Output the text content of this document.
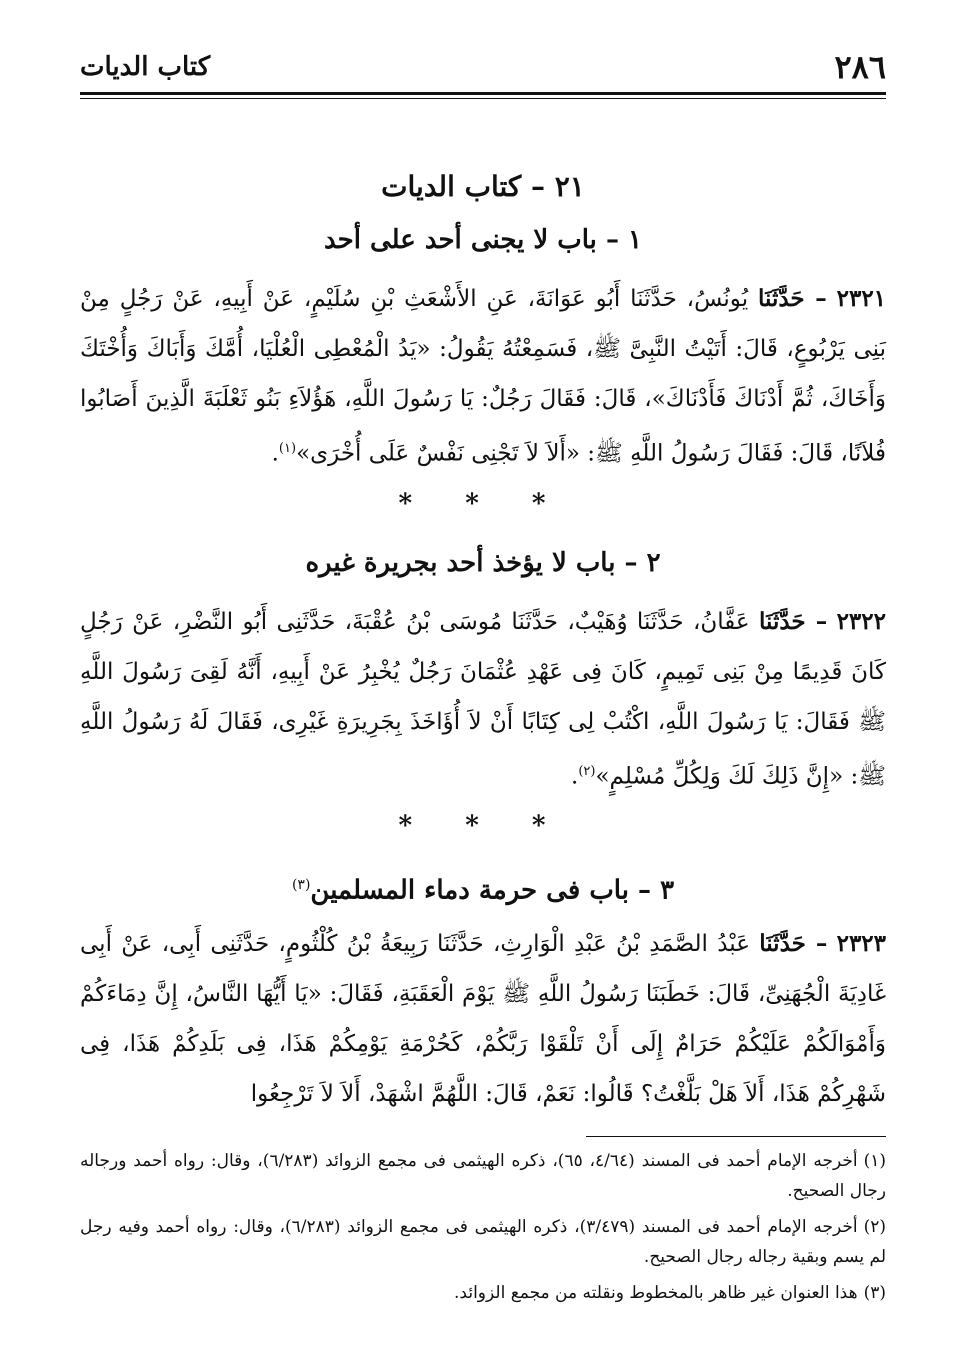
٢٨٦
كتاب الديات
٢١ – كتاب الديات
١ – باب لا يجنى أحد على أحد

٢٣٢١ – حَدَّثَنَا يُونُسُ، حَدَّثَنَا أَبُو عَوَانَةَ، عَنِ الأَشْعَثِ بْنِ سُلَيْمٍ، عَنْ أَبِيهِ، عَنْ رَجُلٍ مِنْ بَنِى يَرْبُوعٍ، قَالَ: أَتَيْتُ النَّبِىَّ ﷺ، فَسَمِعْتُهُ يَقُولُ: «يَدُ الْمُعْطِى الْعُلْيَا، أُمَّكَ وَأَبَاكَ وَأُخْتَكَ وَأَخَاكَ، ثُمَّ أَدْنَاكَ فَأَدْنَاكَ»، قَالَ: فَقَالَ رَجُلٌ: يَا رَسُولَ اللَّهِ، هَؤُلاَءِ بَنُو ثَعْلَبَةَ الَّذِينَ أَصَابُوا فُلاَنًا، قَالَ: فَقَالَ رَسُولُ اللَّهِ ﷺ: «أَلاَ لاَ تَجْنِى نَفْسٌ عَلَى أُخْرَى»$^{(١)}$.

* * *
٢ – باب لا يؤخذ أحد بجريرة غيره

٢٣٢٢ – حَدَّثَنَا عَفَّانُ، حَدَّثَنَا وُهَيْبٌ، حَدَّثَنَا مُوسَى بْنُ عُقْبَةَ، حَدَّثَنِى أَبُو النَّضْرِ، عَنْ رَجُلٍ كَانَ قَدِيمًا مِنْ بَنِى تَمِيمٍ، كَانَ فِى عَهْدِ عُثْمَانَ رَجُلٌ يُخْبِرُ عَنْ أَبِيهِ، أَنَّهُ لَقِىَ رَسُولَ اللَّهِ ﷺ فَقَالَ: يَا رَسُولَ اللَّهِ، اكْتُبْ لِى كِتَابًا أَنْ لاَ أُؤَاخَذَ بِجَرِيرَةِ غَيْرِى، فَقَالَ لَهُ رَسُولُ اللَّهِ ﷺ: «إِنَّ ذَلِكَ لَكَ وَلِكُلِّ مُسْلِمٍ»$^{(٢)}$.

* * *
٣ – باب فى حرمة دماء المسلمين$^{(٣)}$

٢٣٢٣ – حَدَّثَنَا عَبْدُ الصَّمَدِ بْنُ عَبْدِ الْوَارِثِ، حَدَّثَنَا رَبِيعَةُ بْنُ كُلْثُومٍ، حَدَّثَنِى أَبِى، عَنْ أَبِى غَادِيَةَ الْجُهَنِىِّ، قَالَ: خَطَبَنَا رَسُولُ اللَّهِ ﷺ يَوْمَ الْعَقَبَةِ، فَقَالَ: «يَا أَيُّهَا النَّاسُ، إِنَّ دِمَاءَكُمْ وَأَمْوَالَكُمْ عَلَيْكُمْ حَرَامٌ إِلَى أَنْ تَلْقَوْا رَبَّكُمْ، كَحُرْمَةِ يَوْمِكُمْ هَذَا، فِى بَلَدِكُمْ هَذَا، فِى شَهْرِكُمْ هَذَا، أَلاَ هَلْ بَلَّغْتُ؟ قَالُوا: نَعَمْ، قَالَ: اللَّهُمَّ اشْهَدْ، أَلاَ لاَ تَرْجِعُوا

(١)أخرجه الإمام أحمد فى المسند (٤/٦٤، ٦٥)، ذكره الهيثمى فى مجمع الزوائد (٦/٢٨٣)، وقال: رواه أحمد ورجاله رجال الصحيح.

(٢)أخرجه الإمام أحمد فى المسند (٣/٤٧٩)، ذكره الهيثمى فى مجمع الزوائد (٦/٢٨٣)، وقال: رواه أحمد وفيه رجل لم يسم وبقية رجاله رجال الصحيح.

(٣)هذا العنوان غير ظاهر بالمخطوط ونقلته من مجمع الزوائد.
